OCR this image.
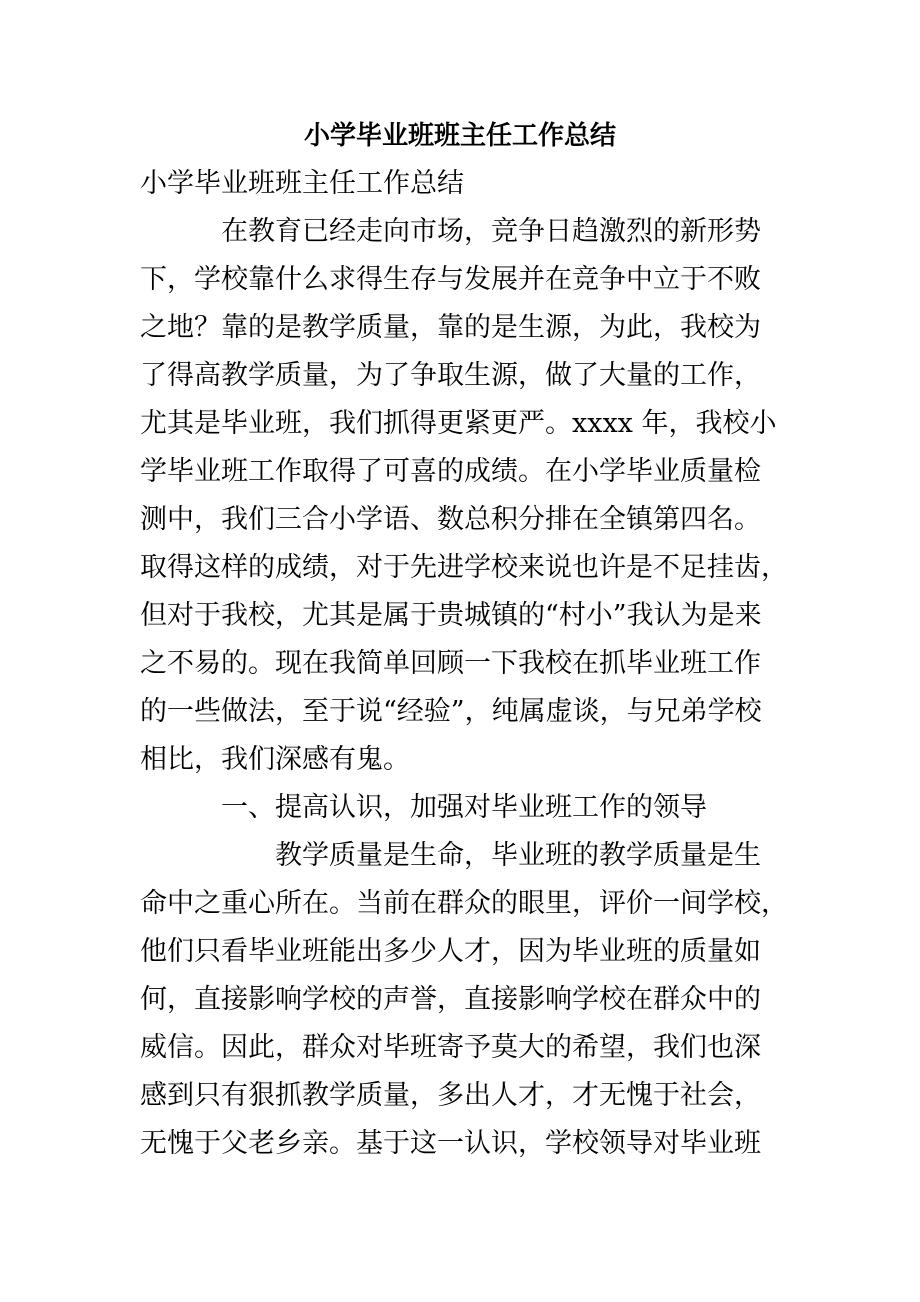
小学毕业班班主任工作总结
小学毕业班班主任工作总结
　　　在教育已经走向市场，竞争日趋激烈的新形势
下，学校靠什么求得生存与发展并在竞争中立于不败
之地？靠的是教学质量，靠的是生源，为此，我校为
了得高教学质量，为了争取生源，做了大量的工作，
尤其是毕业班，我们抓得更紧更严。xxxx 年，我校小
学毕业班工作取得了可喜的成绩。在小学毕业质量检
测中，我们三合小学语、数总积分排在全镇第四名。
取得这样的成绩，对于先进学校来说也许是不足挂齿，
但对于我校，尤其是属于贵城镇的“村小”我认为是来
之不易的。现在我简单回顾一下我校在抓毕业班工作
的一些做法，至于说“经验”，纯属虚谈，与兄弟学校
相比，我们深感有鬼。
　　　一、提高认识，加强对毕业班工作的领导
　　　　　教学质量是生命，毕业班的教学质量是生
命中之重心所在。当前在群众的眼里，评价一间学校，
他们只看毕业班能出多少人才，因为毕业班的质量如
何，直接影响学校的声誉，直接影响学校在群众中的
威信。因此，群众对毕班寄予莫大的希望，我们也深
感到只有狠抓教学质量，多出人才，才无愧于社会，
无愧于父老乡亲。基于这一认识，学校领导对毕业班
